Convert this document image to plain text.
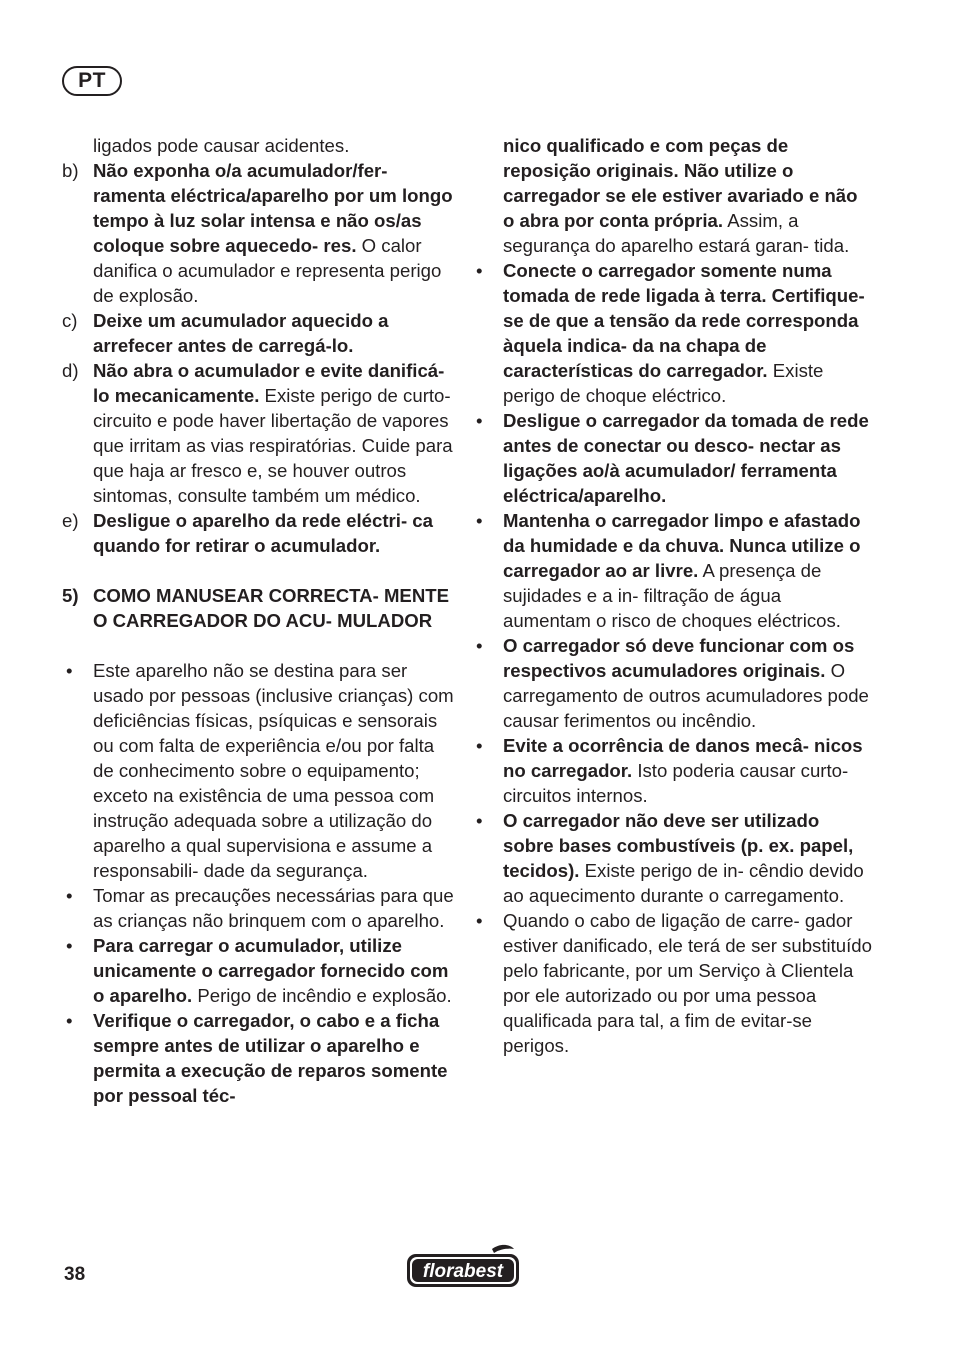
PT

ligados pode causar acidentes.

b) Não exponha o/a acumulador/fer- ramenta eléctrica/aparelho por um longo tempo à luz solar intensa e não os/as coloque sobre aquecedo- res. O calor danifica o acumulador e representa perigo de explosão.

c) Deixe um acumulador aquecido a arrefecer antes de carregá-lo.

d) Não abra o acumulador e evite danificá-lo mecanicamente. Existe perigo de curto-circuito e pode haver libertação de vapores que irritam as vias respiratórias. Cuide para que haja ar fresco e, se houver outros sintomas, consulte também um médico.

e) Desligue o aparelho da rede eléctri- ca quando for retirar o acumulador.

5) COMO MANUSEAR CORRECTA- MENTE O CARREGADOR DO ACU- MULADOR

• Este aparelho não se destina para ser usado por pessoas (inclusive crianças) com deficiências físicas, psíquicas e sensorais ou com falta de experiência e/ou por falta de conhecimento sobre o equipamento; exceto na existência de uma pessoa com instrução adequada sobre a utilização do aparelho a qual supervisiona e assume a responsabili- dade da segurança.

• Tomar as precauções necessárias para que as crianças não brinquem com o aparelho.

• Para carregar o acumulador, utilize unicamente o carregador fornecido com o aparelho. Perigo de incêndio e explosão.

• Verifique o carregador, o cabo e a ficha sempre antes de utilizar o aparelho e permita a execução de reparos somente por pessoal téc-

nico qualificado e com peças de reposição originais. Não utilize o carregador se ele estiver avariado e não o abra por conta própria. Assim, a segurança do aparelho estará garan- tida.

• Conecte o carregador somente numa tomada de rede ligada à terra. Certifique-se de que a tensão da rede corresponda àquela indica- da na chapa de características do carregador. Existe perigo de choque eléctrico.

• Desligue o carregador da tomada de rede antes de conectar ou desco- nectar as ligações ao/à acumulador/ ferramenta eléctrica/aparelho.

• Mantenha o carregador limpo e afastado da humidade e da chuva. Nunca utilize o carregador ao ar livre. A presença de sujidades e a in- filtração de água aumentam o risco de choques eléctricos.

• O carregador só deve funcionar com os respectivos acumuladores originais. O carregamento de outros acumuladores pode causar ferimentos ou incêndio.

• Evite a ocorrência de danos mecâ- nicos no carregador. Isto poderia causar curto-circuitos internos.

• O carregador não deve ser utilizado sobre bases combustíveis (p. ex. papel, tecidos). Existe perigo de in- cêndio devido ao aquecimento durante o carregamento.

• Quando o cabo de ligação de carre- gador estiver danificado, ele terá de ser substituído pelo fabricante, por um Serviço à Clientela por ele autorizado ou por uma pessoa qualificada para tal, a fim de evitar-se perigos.

38	florabest
